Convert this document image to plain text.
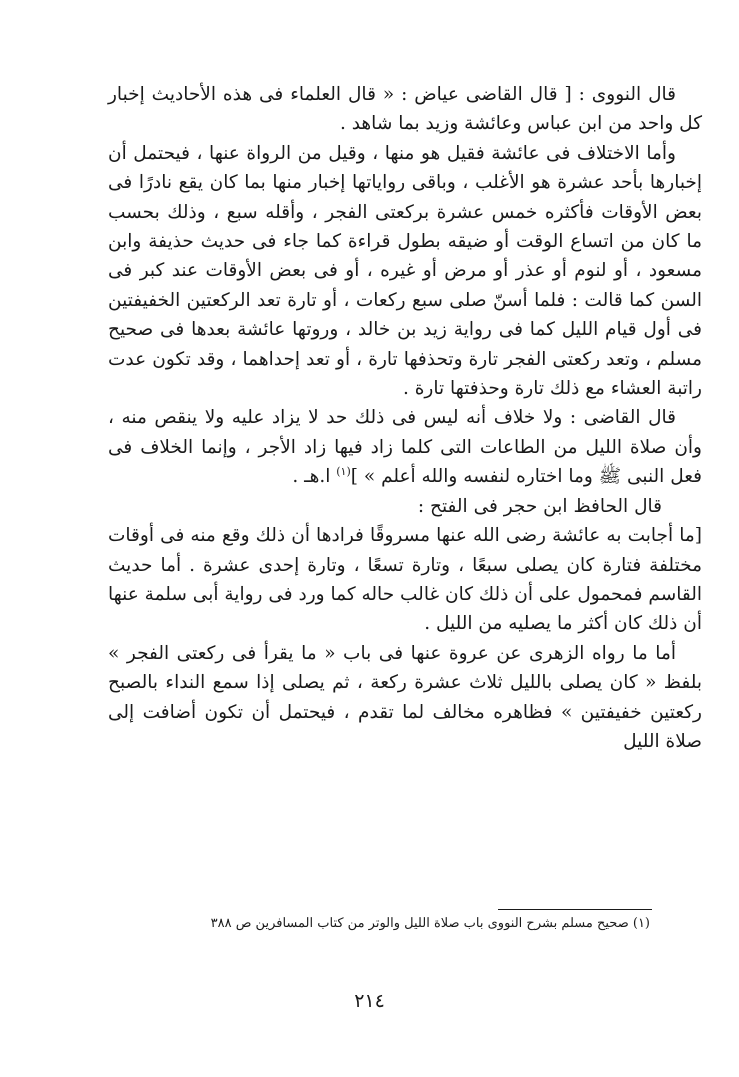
قال النووى : [ قال القاضى عياض : « قال العلماء فى هذه الأحاديث إخبار كل واحد من ابن عباس وعائشة وزيد بما شاهد .

وأما الاختلاف فى عائشة فقيل هو منها ، وقيل من الرواة عنها ، فيحتمل أن إخبارها بأحد عشرة هو الأغلب ، وباقى رواياتها إخبار منها بما كان يقع نادرًا فى بعض الأوقات فأكثره خمس عشرة بركعتى الفجر ، وأقله سبع ، وذلك بحسب ما كان من اتساع الوقت أو ضيقه بطول قراءة كما جاء فى حديث حذيفة وابن مسعود ، أو لنوم أو عذر أو مرض أو غيره ، أو فى بعض الأوقات عند كبر فى السن كما قالت : فلما أسنّ صلى سبع ركعات ، أو تارة تعد الركعتين الخفيفتين فى أول قيام الليل كما فى رواية زيد بن خالد ، وروتها عائشة بعدها فى صحيح مسلم ، وتعد ركعتى الفجر تارة وتحذفها تارة ، أو تعد إحداهما ، وقد تكون عدت راتبة العشاء مع ذلك تارة وحذفتها تارة .

قال القاضى : ولا خلاف أنه ليس فى ذلك حد لا يزاد عليه ولا ينقص منه ، وأن صلاة الليل من الطاعات التى كلما زاد فيها زاد الأجر ، وإنما الخلاف فى فعل النبى ﷺ وما اختاره لنفسه والله أعلم » ]$^{(١)}$ ا.هـ .

قال الحافظ ابن حجر فى الفتح :

[ما أجابت به عائشة رضى الله عنها مسروقًا فرادها أن ذلك وقع منه فى أوقات مختلفة فتارة كان يصلى سبعًا ، وتارة تسعًا ، وتارة إحدى عشرة . أما حديث القاسم فمحمول على أن ذلك كان غالب حاله كما ورد فى رواية أبى سلمة عنها أن ذلك كان أكثر ما يصليه من الليل .

أما ما رواه الزهرى عن عروة عنها فى باب « ما يقرأ فى ركعتى الفجر » بلفظ « كان يصلى بالليل ثلاث عشرة ركعة ، ثم يصلى إذا سمع النداء بالصبح ركعتين خفيفتين » فظاهره مخالف لما تقدم ، فيحتمل أن تكون أضافت إلى صلاة الليل

(١) صحيح مسلم بشرح النووى باب صلاة الليل والوتر من كتاب المسافرين ص ٣٨٨
٢١٤
